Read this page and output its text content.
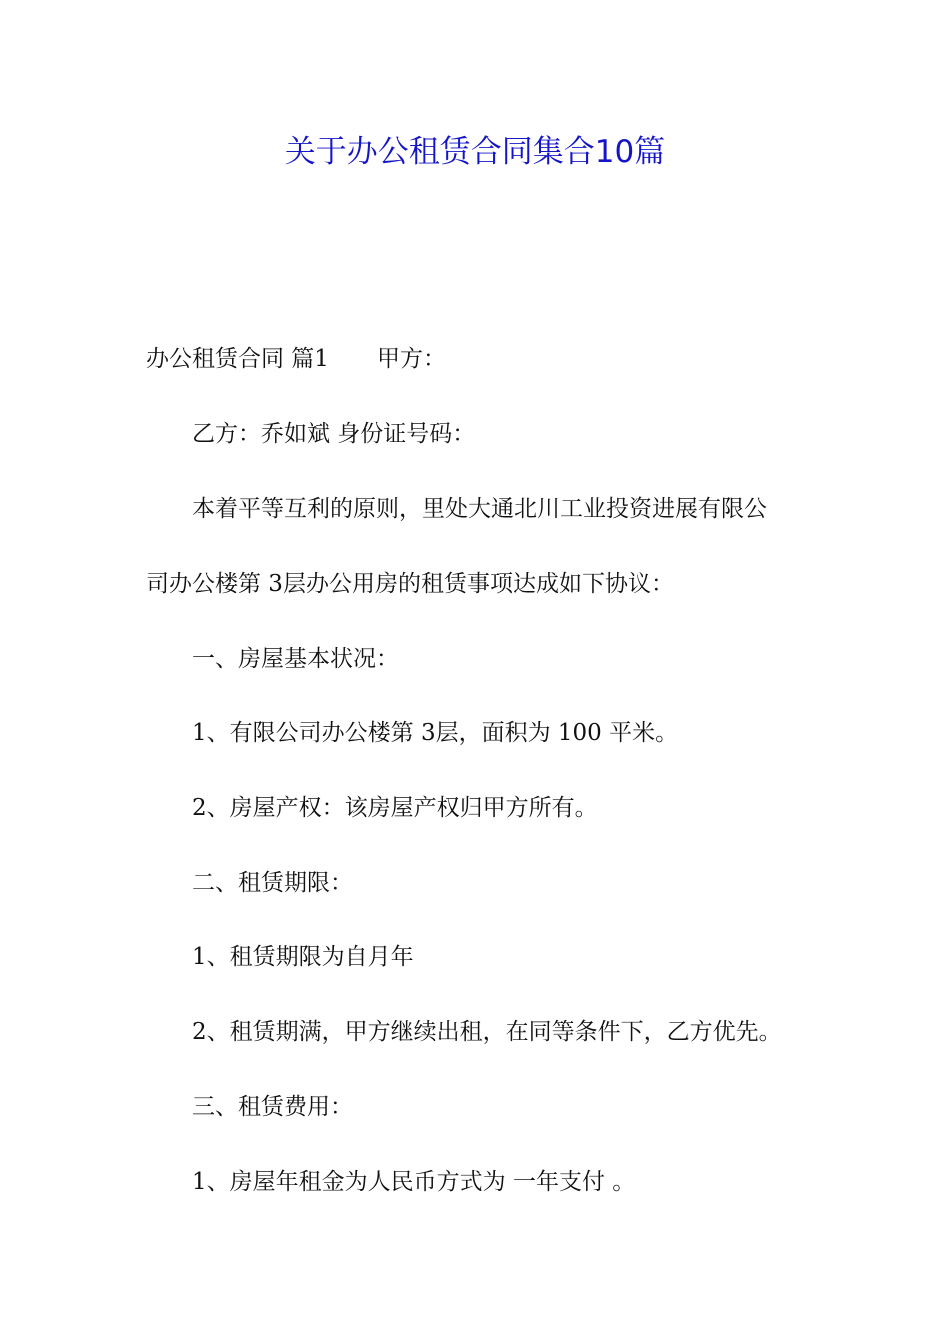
关于办公租赁合同集合10篇
办公租赁合同 篇1 甲方：
乙方：乔如斌 身份证号码：
本着平等互利的原则，里处大通北川工业投资进展有限公
司办公楼第 3层办公用房的租赁事项达成如下协议：
一、房屋基本状况：
1、有限公司办公楼第 3层，面积为 100 平米。
2、房屋产权：该房屋产权归甲方所有。
二、租赁期限：
1、租赁期限为自月年
2、租赁期满，甲方继续出租，在同等条件下，乙方优先。
三、租赁费用：
1、房屋年租金为人民币方式为 一年支付 。
